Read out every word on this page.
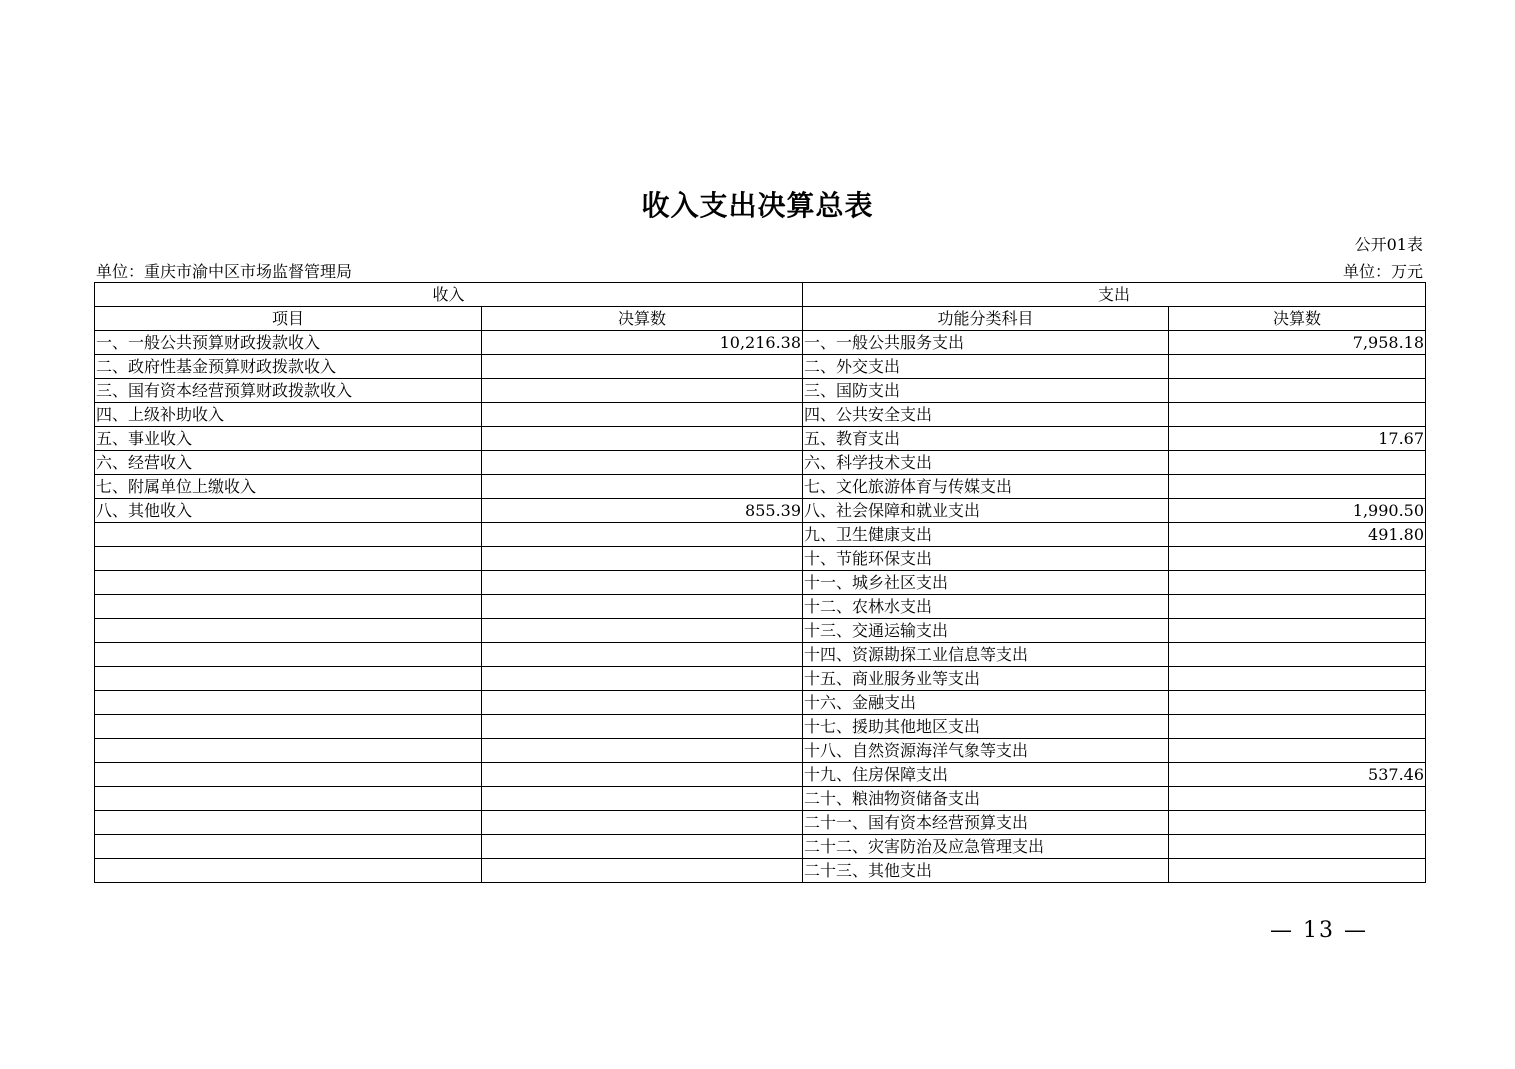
收入支出决算总表
公开01表
单位：重庆市渝中区市场监督管理局	单位：万元
收入		支出	
项目	决算数	功能分类科目	决算数
一、一般公共预算财政拨款收入	10,216.38	一、一般公共服务支出	7,958.18
二、政府性基金预算财政拨款收入		二、外交支出	
三、国有资本经营预算财政拨款收入		三、国防支出	
四、上级补助收入		四、公共安全支出	
五、事业收入		五、教育支出	17.67
六、经营收入		六、科学技术支出	
七、附属单位上缴收入		七、文化旅游体育与传媒支出	
八、其他收入	855.39	八、社会保障和就业支出	1,990.50
		九、卫生健康支出	491.80
		十、节能环保支出	
		十一、城乡社区支出	
		十二、农林水支出	
		十三、交通运输支出	
		十四、资源勘探工业信息等支出	
		十五、商业服务业等支出	
		十六、金融支出	
		十七、援助其他地区支出	
		十八、自然资源海洋气象等支出	
		十九、住房保障支出	537.46
		二十、粮油物资储备支出	
		二十一、国有资本经营预算支出	
		二十二、灾害防治及应急管理支出	
		二十三、其他支出	
— 13 —
